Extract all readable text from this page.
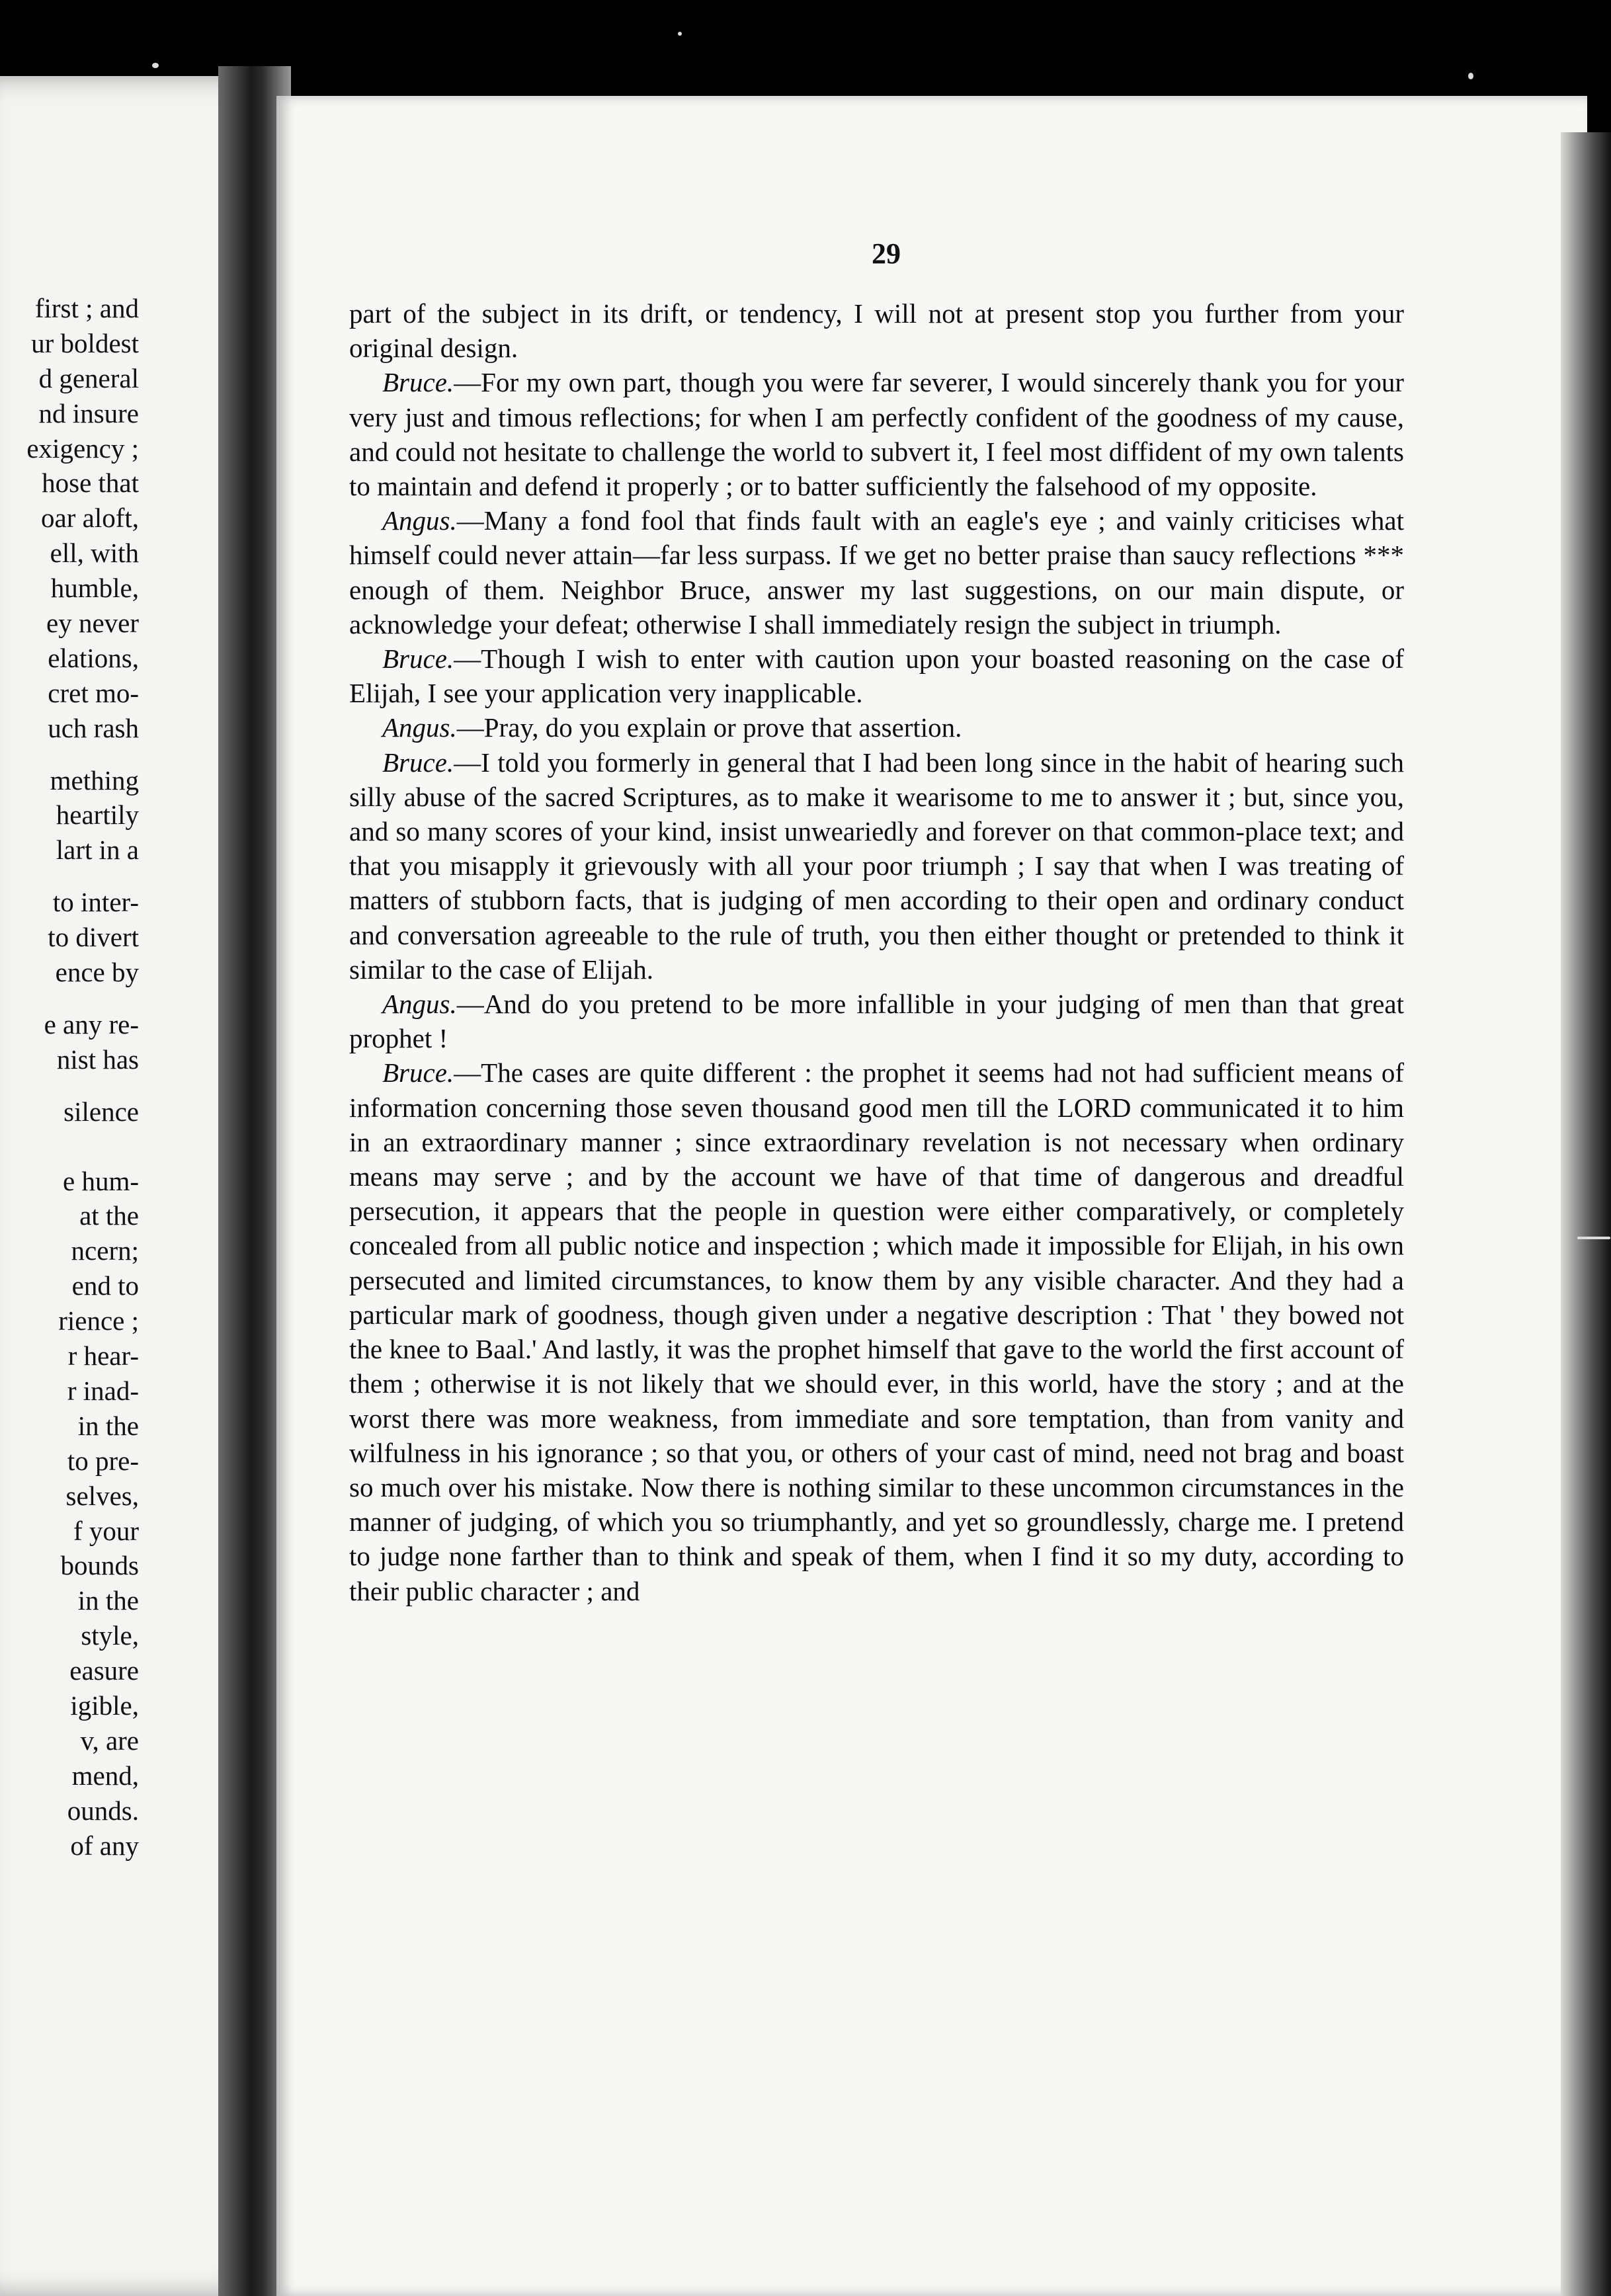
first ; and
ur boldest
d general
nd insure
exigency ;
hose that
oar aloft,
ell, with
humble,
ey never
elations,
cret mo-
uch rash
mething
heartily
lart in a
to inter-
to divert
ence by
e any re-
nist has
silence
e hum-
at the
ncern;
end to
rience ;
r hear-
r inad-
in the
to pre-
selves,
f your
bounds
in the
style,
easure
igible,
v, are
mend,
ounds.
of any
29

part of the subject in its drift, or tendency, I will not at present stop you further from your original design.

Bruce.—For my own part, though you were far severer, I would sincerely thank you for your very just and timous reflections; for when I am perfectly confident of the goodness of my cause, and could not hesitate to challenge the world to subvert it, I feel most diffident of my own talents to maintain and defend it properly ; or to batter sufficiently the falsehood of my opposite.

Angus.—Many a fond fool that finds fault with an eagle's eye ; and vainly criticises what himself could never attain—far less surpass. If we get no better praise than saucy reflections *** enough of them. Neighbor Bruce, answer my last suggestions, on our main dispute, or acknowledge your defeat; otherwise I shall immediately resign the subject in triumph.

Bruce.—Though I wish to enter with caution upon your boasted reasoning on the case of Elijah, I see your application very inapplicable.

Angus.—Pray, do you explain or prove that assertion.

Bruce.—I told you formerly in general that I had been long since in the habit of hearing such silly abuse of the sacred Scriptures, as to make it wearisome to me to answer it ; but, since you, and so many scores of your kind, insist unweariedly and forever on that common-place text; and that you misapply it grievously with all your poor triumph ; I say that when I was treating of matters of stubborn facts, that is judging of men according to their open and ordinary conduct and conversation agreeable to the rule of truth, you then either thought or pretended to think it similar to the case of Elijah.

Angus.—And do you pretend to be more infallible in your judging of men than that great prophet !

Bruce.—The cases are quite different : the prophet it seems had not had sufficient means of information concerning those seven thousand good men till the LORD communicated it to him in an extraordinary manner ; since extraordinary revelation is not necessary when ordinary means may serve ; and by the account we have of that time of dangerous and dreadful persecution, it appears that the people in question were either comparatively, or completely concealed from all public notice and inspection ; which made it impossible for Elijah, in his own persecuted and limited circumstances, to know them by any visible character. And they had a particular mark of goodness, though given under a negative description : That ' they bowed not the knee to Baal.' And lastly, it was the prophet himself that gave to the world the first account of them ; otherwise it is not likely that we should ever, in this world, have the story ; and at the worst there was more weakness, from immediate and sore temptation, than from vanity and wilfulness in his ignorance ; so that you, or others of your cast of mind, need not brag and boast so much over his mistake. Now there is nothing similar to these uncommon circumstances in the manner of judging, of which you so triumphantly, and yet so groundlessly, charge me. I pretend to judge none farther than to think and speak of them, when I find it so my duty, according to their public character ; and
